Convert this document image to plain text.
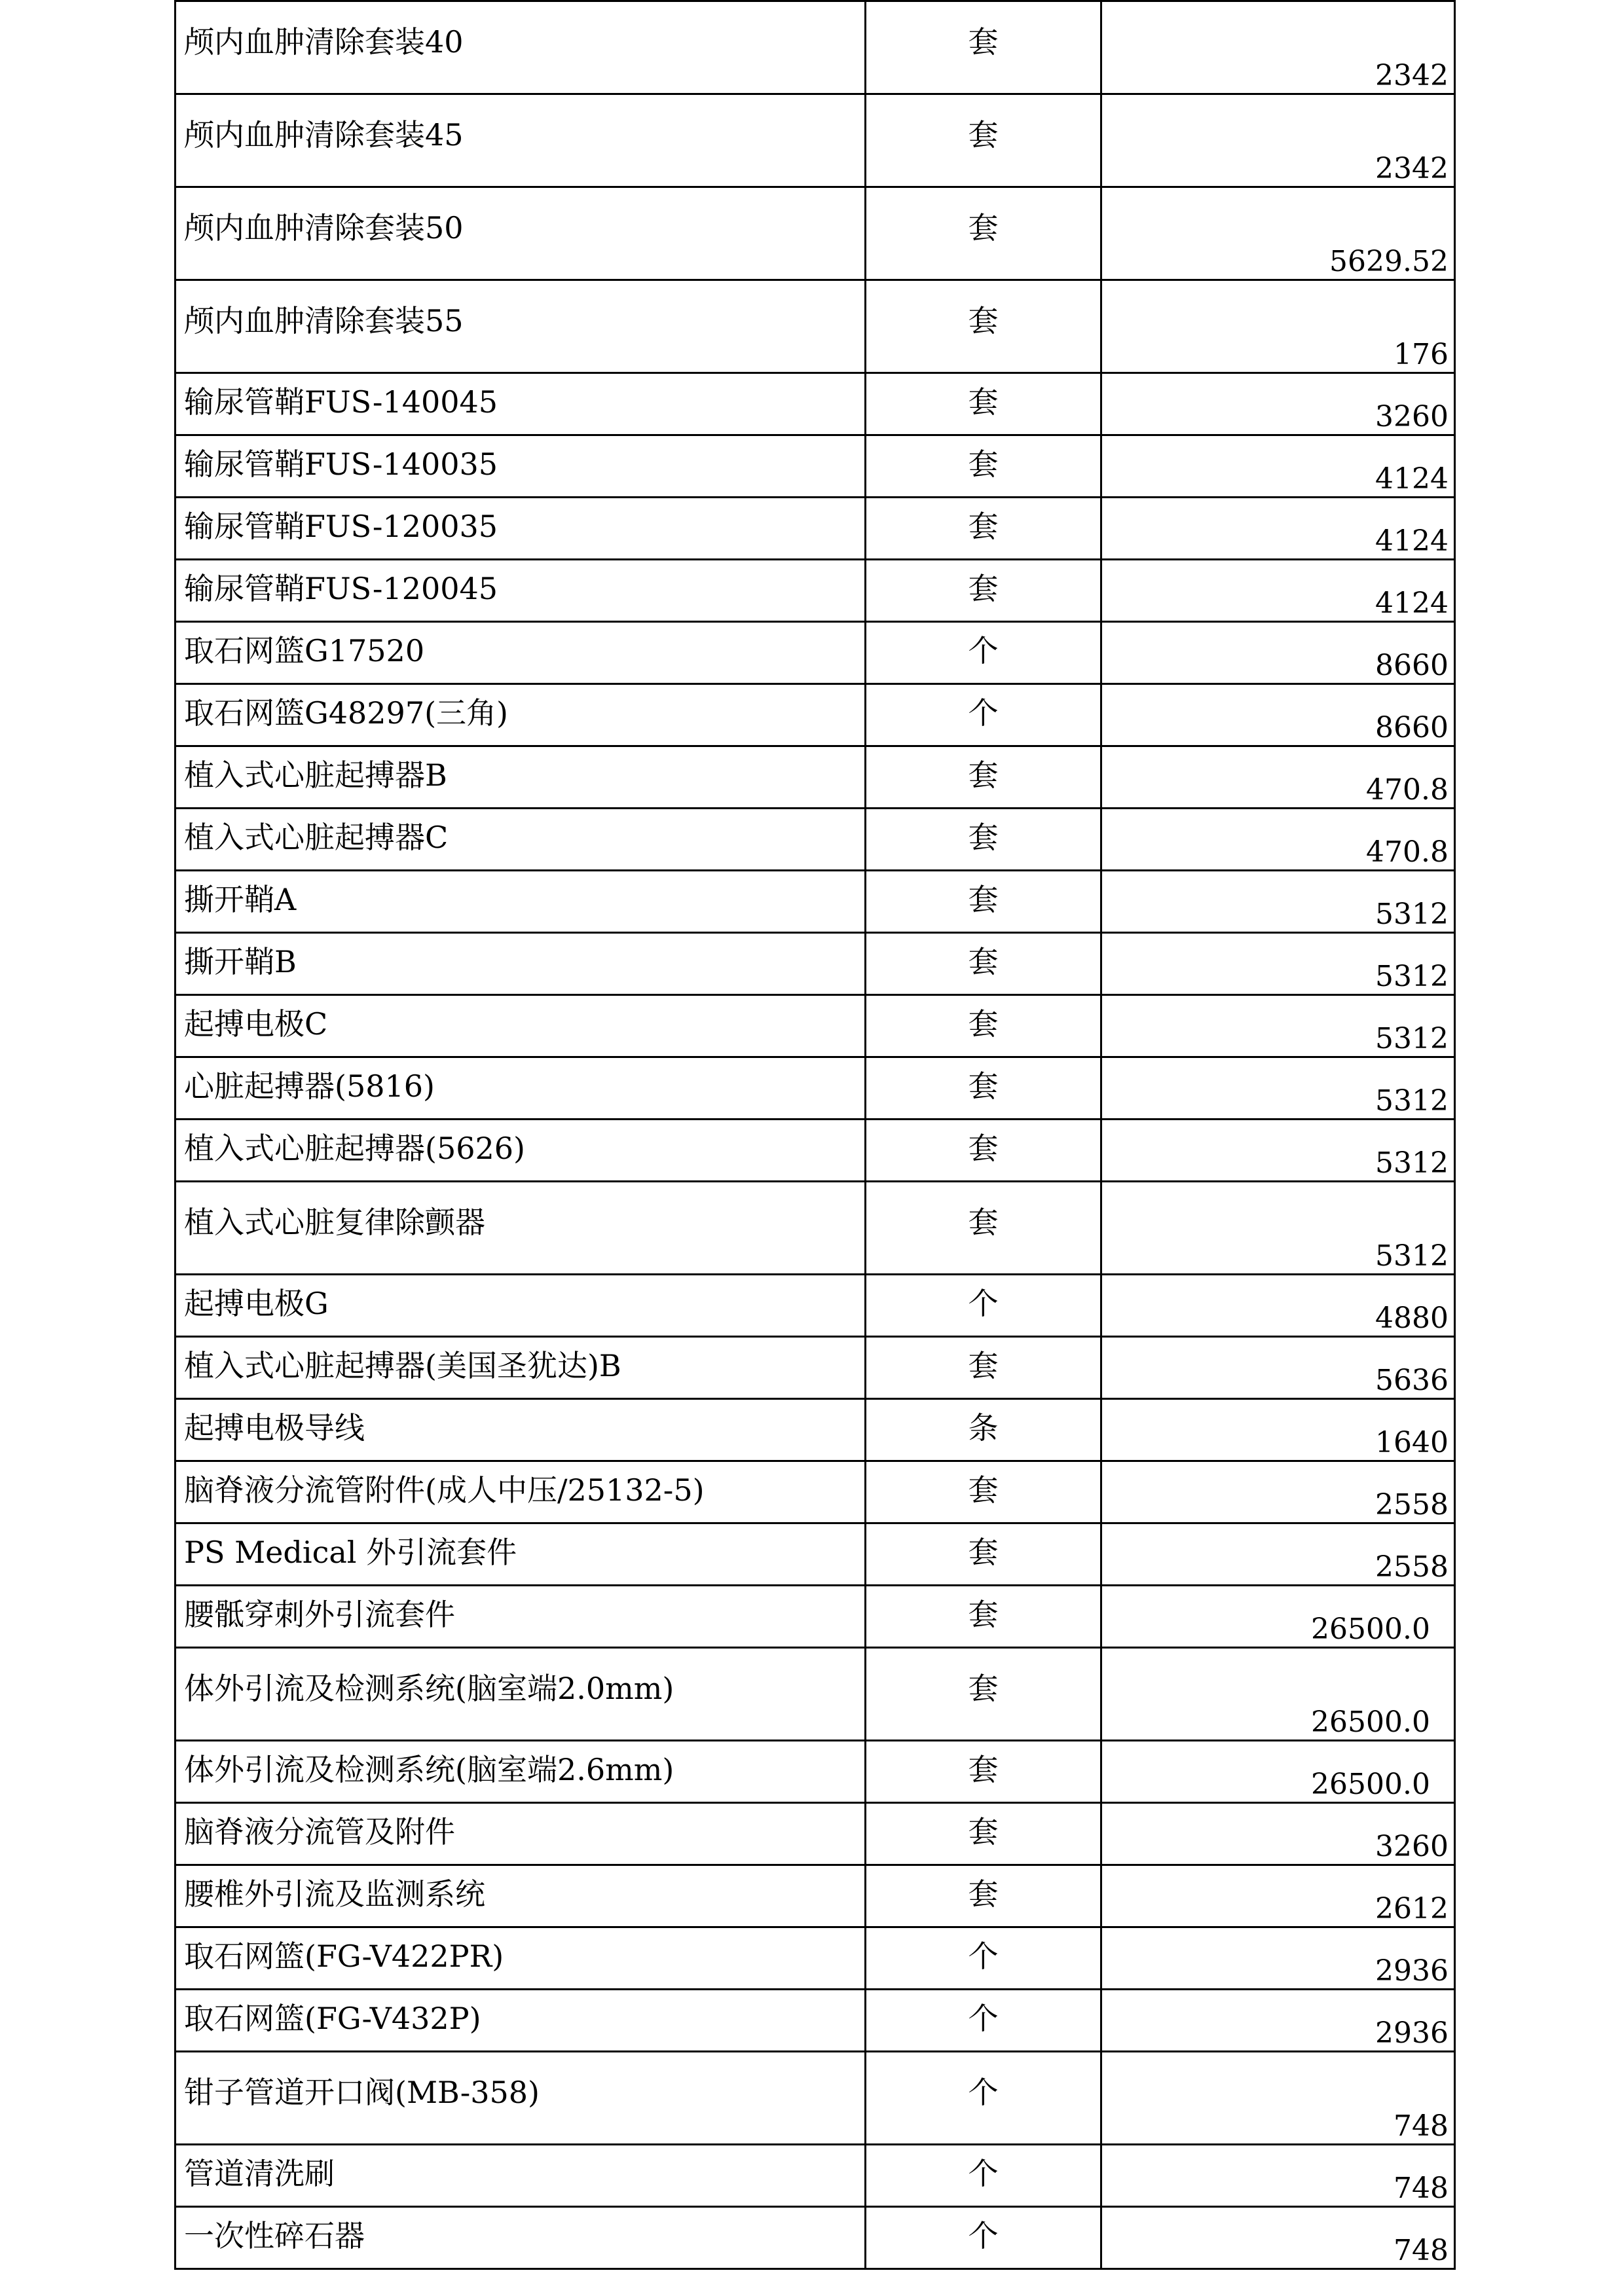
颅内血肿清除套装40	套	2342
颅内血肿清除套装45	套	2342
颅内血肿清除套装50	套	5629.52
颅内血肿清除套装55	套	176
输尿管鞘FUS-140045	套	3260
输尿管鞘FUS-140035	套	4124
输尿管鞘FUS-120035	套	4124
输尿管鞘FUS-120045	套	4124
取石网篮G17520	个	8660
取石网篮G48297(三角)	个	8660
植入式心脏起搏器B	套	470.8
植入式心脏起搏器C	套	470.8
撕开鞘A	套	5312
撕开鞘B	套	5312
起搏电极C	套	5312
心脏起搏器(5816)	套	5312
植入式心脏起搏器(5626)	套	5312
植入式心脏复律除颤器	套	5312
起搏电极G	个	4880
植入式心脏起搏器(美国圣犹达)B	套	5636
起搏电极导线	条	1640
脑脊液分流管附件(成人中压/25132-5)	套	2558
PS Medical 外引流套件	套	2558
腰骶穿刺外引流套件	套	26500.0
体外引流及检测系统(脑室端2.0mm)	套	26500.0
体外引流及检测系统(脑室端2.6mm)	套	26500.0
脑脊液分流管及附件	套	3260
腰椎外引流及监测系统	套	2612
取石网篮(FG-V422PR)	个	2936
取石网篮(FG-V432P)	个	2936
钳子管道开口阀(MB-358)	个	748
管道清洗刷	个	748
一次性碎石器	个	748
